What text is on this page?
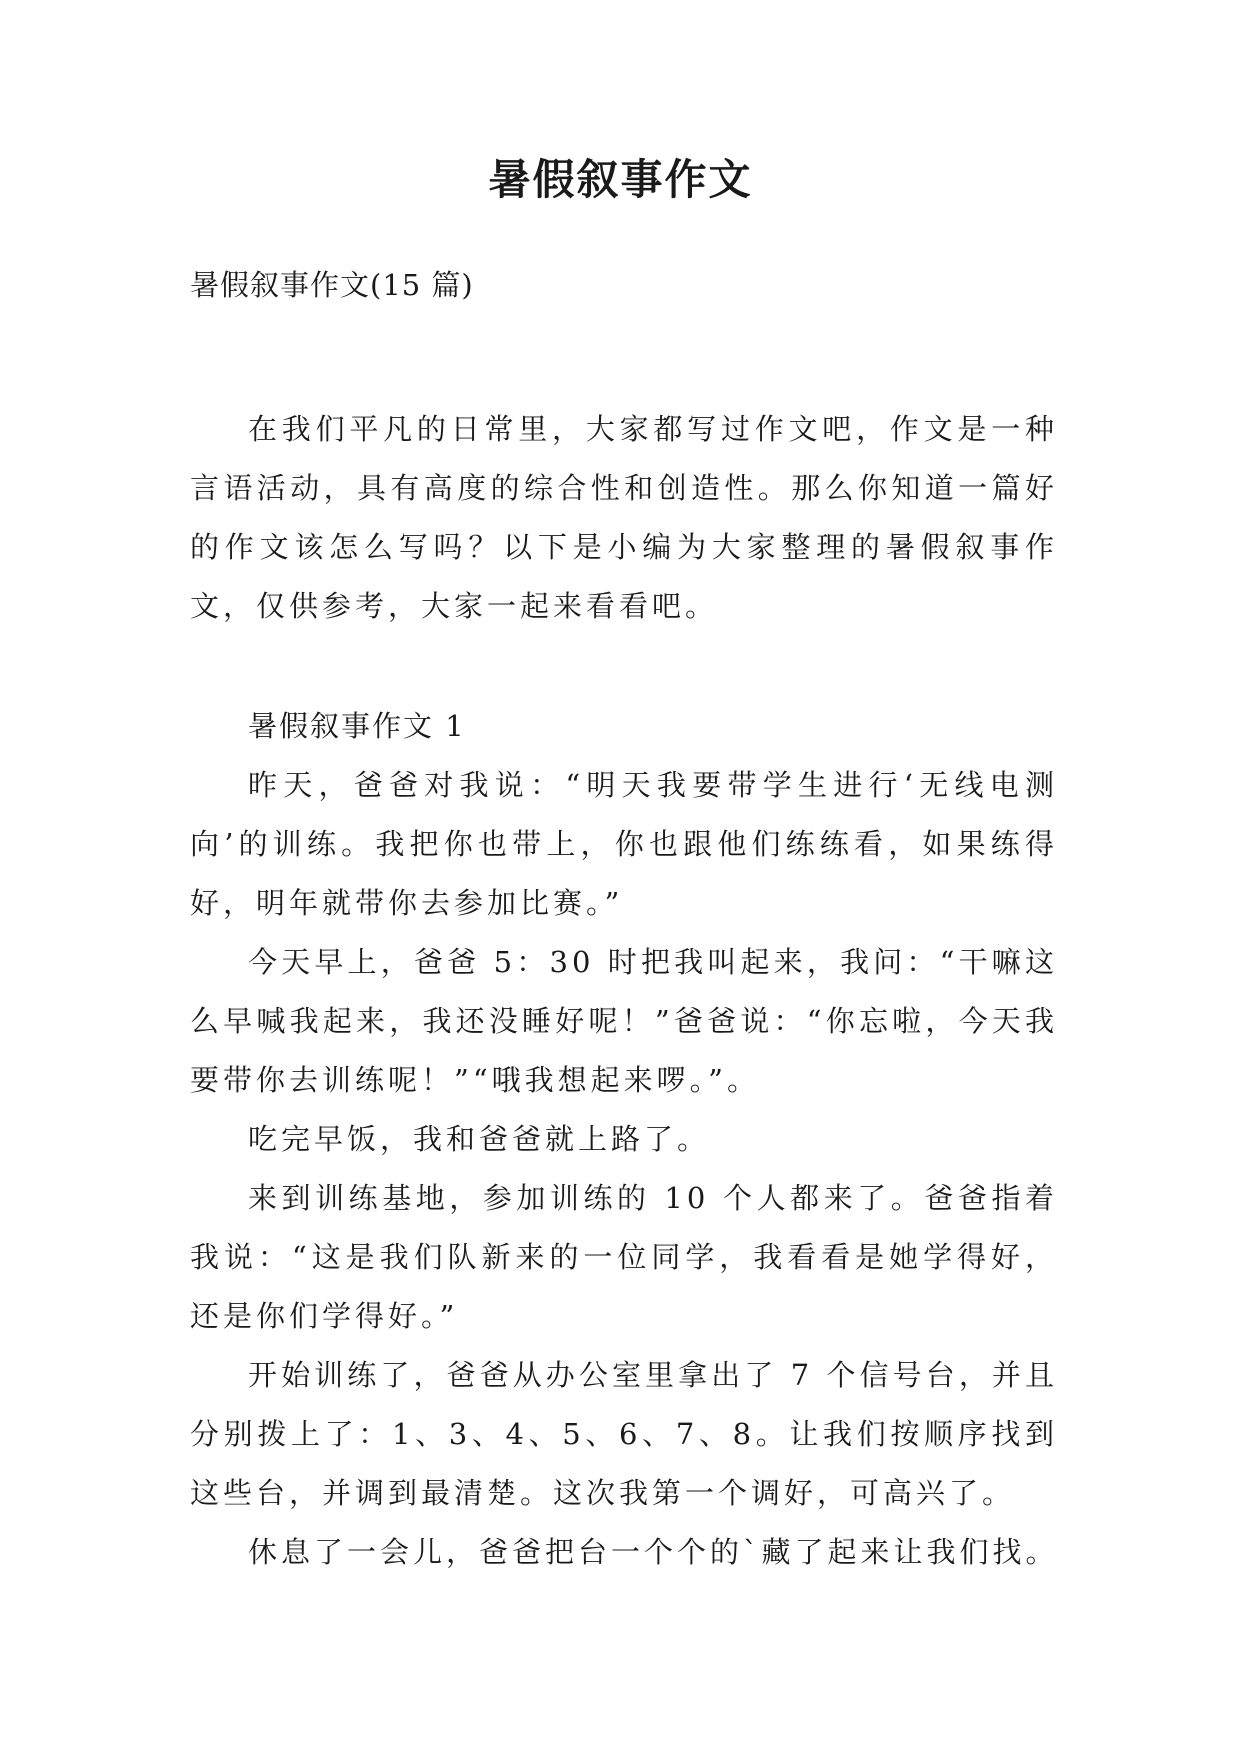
暑假叙事作文
暑假叙事作文(15 篇)

在我们平凡的日常里，大家都写过作文吧，作文是一种言语活动，具有高度的综合性和创造性。那么你知道一篇好的作文该怎么写吗？以下是小编为大家整理的暑假叙事作文，仅供参考，大家一起来看看吧。

暑假叙事作文 1

昨天，爸爸对我说：“明天我要带学生进行‘无线电测向’的训练。我把你也带上，你也跟他们练练看，如果练得好，明年就带你去参加比赛。”

今天早上，爸爸 5：30 时把我叫起来，我问：“干嘛这么早喊我起来，我还没睡好呢！”爸爸说：“你忘啦，今天我要带你去训练呢！”“哦我想起来啰。”。

吃完早饭，我和爸爸就上路了。

来到训练基地，参加训练的 10 个人都来了。爸爸指着我说：“这是我们队新来的一位同学，我看看是她学得好，还是你们学得好。”

开始训练了，爸爸从办公室里拿出了 7 个信号台，并且分别拨上了：1、3、4、5、6、7、8。让我们按顺序找到这些台，并调到最清楚。这次我第一个调好，可高兴了。

休息了一会儿，爸爸把台一个个的`藏了起来让我们找。
